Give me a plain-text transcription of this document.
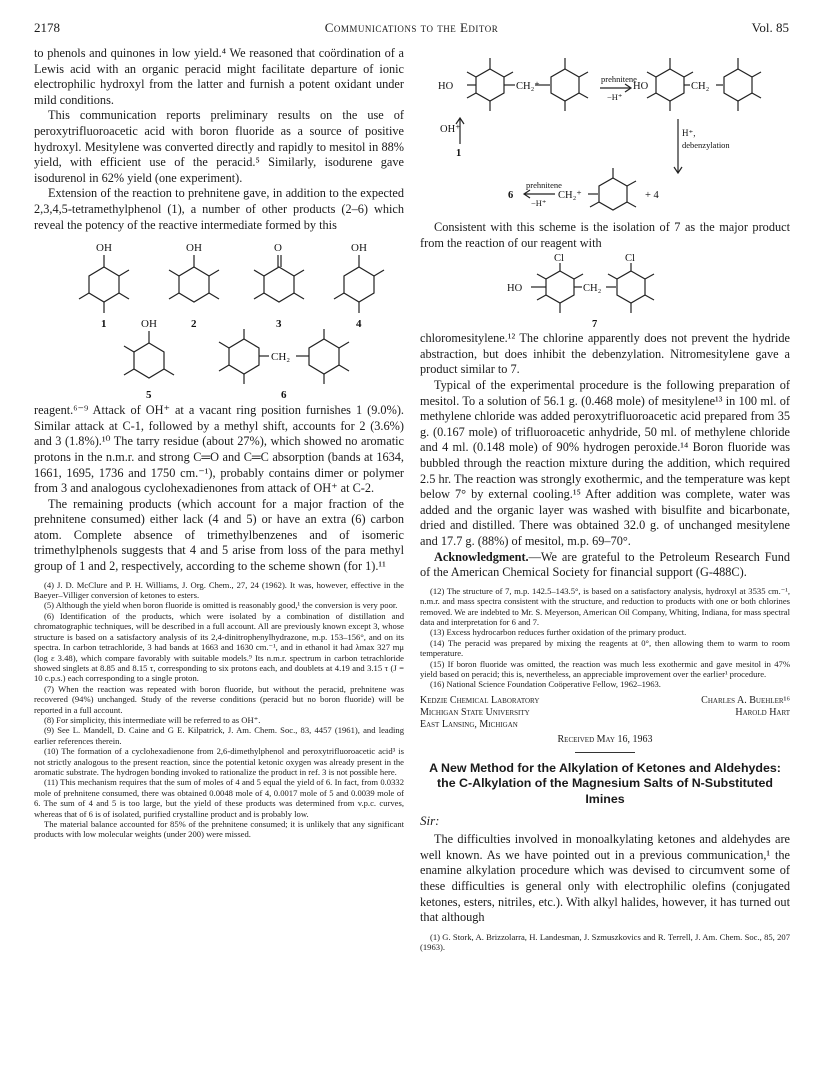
2178	Communications to the Editor	Vol. 85

to phenols and quinones in low yield.⁴ We reasoned that coördination of a Lewis acid with an organic peracid might facilitate departure of ionic electrophilic hydroxyl from the latter and furnish a potent oxidant under mild conditions.

This communication reports preliminary results on the use of peroxytrifluoroacetic acid with boron fluoride as a source of positive hydroxyl. Mesitylene was converted directly and rapidly to mesitol in 88% yield, with efficient use of the peracid.⁵ Similarly, isodurene gave isodurenol in 62% yield (one experiment).

Extension of the reaction to prehnitene gave, in addition to the expected 2,3,4,5-tetramethylphenol (1), a number of other products (2–6) which reveal the potency of the reactive intermediate formed by this

OH	OH	O	OH
OH
CH₂
1	2	3	4
5	6

reagent.⁶⁻⁹ Attack of OH⁺ at a vacant ring position furnishes 1 (9.0%). Similar attack at C-1, followed by a methyl shift, accounts for 2 (3.6%) and 3 (1.8%).¹⁰ The tarry residue (about 27%), which showed no aromatic protons in the n.m.r. and strong C═O and C═C absorption (bands at 1634, 1661, 1695, 1736 and 1750 cm.⁻¹), probably contains dimer or polymer from 3 and analogous cyclohexadienones from attack of OH⁺ at C-2.

The remaining products (which account for a major fraction of the prehnitene consumed) either lack (4 and 5) or have an extra (6) carbon atom. Complete absence of trimethylbenzenes and of isomeric trimethylphenols suggests that 4 and 5 arise from loss of the para methyl group of 1 and 2, respectively, according to the scheme shown (for 1).¹¹

(4) J. D. McClure and P. H. Williams, J. Org. Chem., 27, 24 (1962). It was, however, effective in the Baeyer–Villiger conversion of ketones to esters.

(5) Although the yield when boron fluoride is omitted is reasonably good,¹ the conversion is very poor.

(6) Identification of the products, which were isolated by a combination of distillation and chromatographic techniques, will be described in a full account. All are previously known except 3, whose structure is based on a satisfactory analysis of its 2,4-dinitrophenylhydrazone, m.p. 153–156°, and on its spectra. In carbon tetrachloride, 3 had bands at 1663 and 1630 cm.⁻¹, and in ethanol it had λmax 327 mμ (log ε 3.48), which compare favorably with suitable models.⁹ Its n.m.r. spectrum in carbon tetrachloride showed singlets at 8.85 and 8.15 τ, corresponding to six protons each, and doublets at 4.19 and 3.15 τ (J = 10 c.p.s.) each corresponding to a single proton.

(7) When the reaction was repeated with boron fluoride, but without the peracid, prehnitene was recovered (94%) unchanged. Study of the reverse conditions (peracid but no boron fluoride) will be reported in a full account.

(8) For simplicity, this intermediate will be referred to as OH⁺.

(9) See L. Mandell, D. Caine and G E. Kilpatrick, J. Am. Chem. Soc., 83, 4457 (1961), and leading earlier references therein.

(10) The formation of a cyclohexadienone from 2,6-dimethylphenol and peroxytrifluoroacetic acid³ is not strictly analogous to the present reaction, since the potential ketonic oxygen was already present in the aromatic substrate. The hydrogen bonding invoked to rationalize the product in ref. 3 is not possible here.

(11) This mechanism requires that the sum of moles of 4 and 5 equal the yield of 6. In fact, from 0.0332 mole of prehnitene consumed, there was obtained 0.0048 mole of 4, 0.0017 mole of 5 and 0.0039 mole of 6. The sum of 4 and 5 is too large, but the yield of these products was determined from v.p.c. curves, whereas that of 6 is of isolated, purified crystalline product and is probably low.

The material balance accounted for 85% of the prehnitene consumed; it is unlikely that any significant products with low molecular weights (under 200) were missed.

HO	CH₂⁺
prehnitene
−H⁺
HO	CH₂
OH⁺	H⁺,
debenzylation
prehnitene
−H⁺
CH₂⁺	+ 4
1
6

Consistent with this scheme is the isolation of 7 as the major product from the reaction of our reagent with

Cl	Cl
HO	CH₂
7

chloromesitylene.¹² The chlorine apparently does not prevent the hydride abstraction, but does inhibit the debenzylation. Nitromesitylene gave a product similar to 7.

Typical of the experimental procedure is the following preparation of mesitol. To a solution of 56.1 g. (0.468 mole) of mesitylene¹³ in 100 ml. of methylene chloride was added peroxytrifluoroacetic acid prepared from 35 g. (0.167 mole) of trifluoroacetic anhydride, 50 ml. of methylene chloride and 4 ml. (0.148 mole) of 90% hydrogen peroxide.¹⁴ Boron fluoride was bubbled through the reaction mixture during the addition, which required 2.5 hr. The reaction was strongly exothermic, and the temperature was kept below 7° by external cooling.¹⁵ After addition was complete, water was added and the organic layer was washed with bisulfite and bicarbonate, dried and distilled. There was obtained 32.0 g. of unchanged mesitylene and 17.7 g. (88%) of mesitol, m.p. 69–70°.

Acknowledgment.—We are grateful to the Petroleum Research Fund of the American Chemical Society for financial support (G-488C).

(12) The structure of 7, m.p. 142.5–143.5°, is based on a satisfactory analysis, hydroxyl at 3535 cm.⁻¹, n.m.r. and mass spectra consistent with the structure, and reduction to products with one or both chlorines removed. We are indebted to Mr. S. Meyerson, American Oil Company, Whiting, Indiana, for mass spectral data and interpretation for 6 and 7.

(13) Excess hydrocarbon reduces further oxidation of the primary product.

(14) The peracid was prepared by mixing the reagents at 0°, then allowing them to warm to room temperature.

(15) If boron fluoride was omitted, the reaction was much less exothermic and gave mesitol in 47% yield based on peracid; this is, nevertheless, an appreciable improvement over the earlier¹ procedure.

(16) National Science Foundation Coöperative Fellow, 1962–1963.

Kedzie Chemical Laboratory
Michigan State University
East Lansing, Michigan
Charles A. Buehler¹⁶
Harold Hart
Received May 16, 1963

A New Method for the Alkylation of Ketones and Aldehydes: the C-Alkylation of the Magnesium Salts of N-Substituted Imines

Sir:

The difficulties involved in monoalkylating ketones and aldehydes are well known. As we have pointed out in a previous communication,¹ the enamine alkylation procedure which was devised to circumvent some of these difficulties is general only with electrophilic olefins (conjugated ketones, esters, nitriles, etc.). With alkyl halides, however, it has turned out that although

(1) G. Stork, A. Brizzolarra, H. Landesman, J. Szmuszkovics and R. Terrell, J. Am. Chem. Soc., 85, 207 (1963).
